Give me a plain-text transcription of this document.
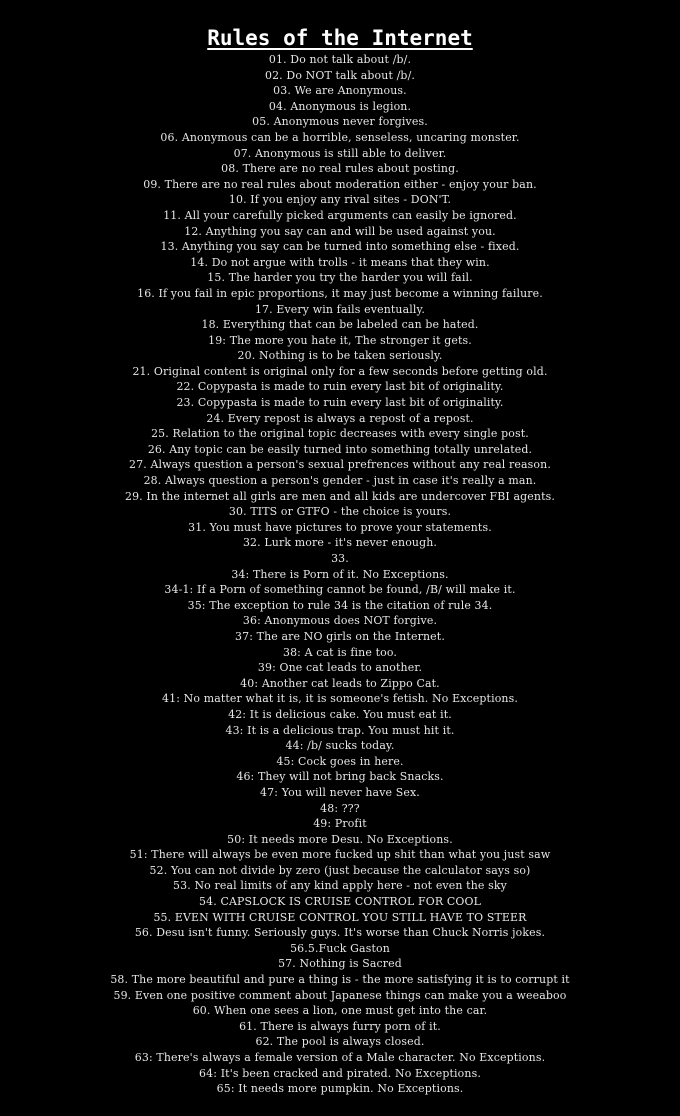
Rules of the Internet
01. Do not talk about /b/.
02. Do NOT talk about /b/.
03. We are Anonymous.
04. Anonymous is legion.
05. Anonymous never forgives.
06. Anonymous can be a horrible, senseless, uncaring monster.
07. Anonymous is still able to deliver.
08. There are no real rules about posting.
09. There are no real rules about moderation either - enjoy your ban.
10. If you enjoy any rival sites - DON'T.
11. All your carefully picked arguments can easily be ignored.
12. Anything you say can and will be used against you.
13. Anything you say can be turned into something else - fixed.
14. Do not argue with trolls - it means that they win.
15. The harder you try the harder you will fail.
16. If you fail in epic proportions, it may just become a winning failure.
17. Every win fails eventually.
18. Everything that can be labeled can be hated.
19: The more you hate it, The stronger it gets.
20. Nothing is to be taken seriously.
21. Original content is original only for a few seconds before getting old.
22. Copypasta is made to ruin every last bit of originality.
23. Copypasta is made to ruin every last bit of originality.
24. Every repost is always a repost of a repost.
25. Relation to the original topic decreases with every single post.
26. Any topic can be easily turned into something totally unrelated.
27. Always question a person's sexual prefrences without any real reason.
28. Always question a person's gender - just in case it's really a man.
29. In the internet all girls are men and all kids are undercover FBI agents.
30. TITS or GTFO - the choice is yours.
31. You must have pictures to prove your statements.
32. Lurk more - it's never enough.
33.
34: There is Porn of it. No Exceptions.
34-1: If a Porn of something cannot be found, /B/ will make it.
35: The exception to rule 34 is the citation of rule 34.
36: Anonymous does NOT forgive.
37: The are NO girls on the Internet.
38: A cat is fine too.
39: One cat leads to another.
40: Another cat leads to Zippo Cat.
41: No matter what it is, it is someone's fetish. No Exceptions.
42: It is delicious cake. You must eat it.
43: It is a delicious trap. You must hit it.
44: /b/ sucks today.
45: Cock goes in here.
46: They will not bring back Snacks.
47: You will never have Sex.
48: ???
49: Profit
50: It needs more Desu. No Exceptions.
51: There will always be even more fucked up shit than what you just saw
52. You can not divide by zero (just because the calculator says so)
53. No real limits of any kind apply here - not even the sky
54. CAPSLOCK IS CRUISE CONTROL FOR COOL
55. EVEN WITH CRUISE CONTROL YOU STILL HAVE TO STEER
56. Desu isn't funny. Seriously guys. It's worse than Chuck Norris jokes.
56.5.Fuck Gaston
57. Nothing is Sacred
58. The more beautiful and pure a thing is - the more satisfying it is to corrupt it
59. Even one positive comment about Japanese things can make you a weeaboo
60. When one sees a lion, one must get into the car.
61. There is always furry porn of it.
62. The pool is always closed.
63: There's always a female version of a Male character. No Exceptions.
64: It's been cracked and pirated. No Exceptions.
65: It needs more pumpkin. No Exceptions.
